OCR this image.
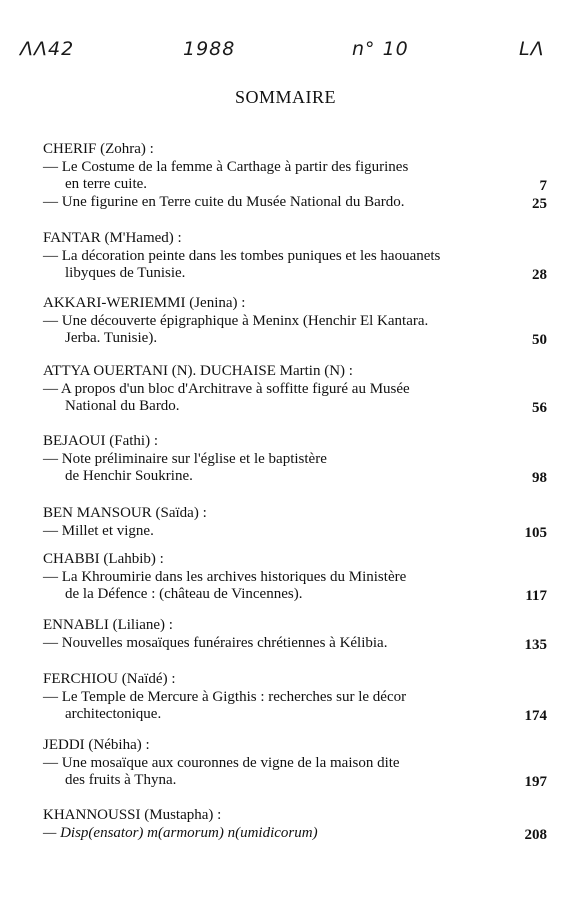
ΛΛ42	1988	n° 10	LΛ
SOMMAIRE
CHERIF (Zohra) :
— Le Costume de la femme à Carthage à partir des figurines
en terre cuite.	7
— Une figurine en Terre cuite du Musée National du Bardo.	25
FANTAR (M'Hamed) :
— La décoration peinte dans les tombes puniques et les haouanets
libyques de Tunisie.	28
AKKARI-WERIEMMI (Jenina) :
— Une découverte épigraphique à Meninx (Henchir El Kantara.
Jerba. Tunisie).	50
ATTYA OUERTANI (N). DUCHAISE Martin (N) :
— A propos d'un bloc d'Architrave à soffitte figuré au Musée
National du Bardo.	56
BEJAOUI (Fathi) :
— Note préliminaire sur l'église et le baptistère
de Henchir Soukrine.	98
BEN MANSOUR (Saïda) :
— Millet et vigne.	105
CHABBI (Lahbib) :
— La Khroumirie dans les archives historiques du Ministère
de la Défence : (château de Vincennes).	117
ENNABLI (Liliane) :
— Nouvelles mosaïques funéraires chrétiennes à Kélibia.	135
FERCHIOU (Naïdé) :
— Le Temple de Mercure à Gigthis : recherches sur le décor
architectonique.	174
JEDDI (Nébiha) :
— Une mosaïque aux couronnes de vigne de la maison dite
des fruits à Thyna.	197
KHANNOUSSI (Mustapha) :
— Disp(ensator) m(armorum) n(umidicorum)	208
